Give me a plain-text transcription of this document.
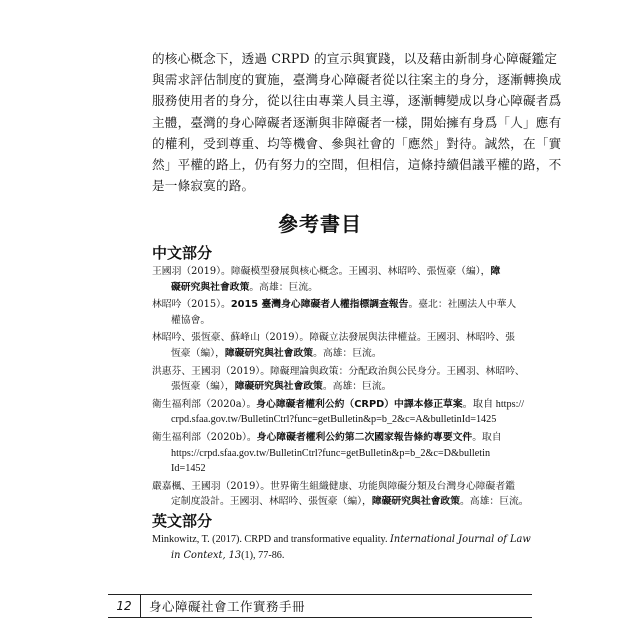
的核心概念下，透過 CRPD 的宣示與實踐，以及藉由新制身心障礙鑑定

與需求評估制度的實施，臺灣身心障礙者從以往案主的身分，逐漸轉換成

服務使用者的身分，從以往由專業人員主導，逐漸轉變成以身心障礙者爲

主體，臺灣的身心障礙者逐漸與非障礙者一樣，開始擁有身爲「人」應有

的權利，受到尊重、均等機會、參與社會的「應然」對待。誠然，在「實

然」平權的路上，仍有努力的空間，但相信，這條持續倡議平權的路，不

是一條寂寞的路。

參考書目
中文部分
王國羽（2019）。障礙模型發展與核心概念。王國羽、林昭吟、張恆豪（編），障
礙研究與社會政策。高雄：巨流。
林昭吟（2015）。2015 臺灣身心障礙者人權指標調查報告。臺北：社團法人中華人
權協會。
林昭吟、張恆豪、蘇峰山（2019）。障礙立法發展與法律權益。王國羽、林昭吟、張
恆豪（編），障礙研究與社會政策。高雄：巨流。
洪惠芬、王國羽（2019）。障礙理論與政策：分配政治與公民身分。王國羽、林昭吟、
張恆豪（編），障礙研究與社會政策。高雄：巨流。
衛生福利部（2020a）。身心障礙者權利公約（CRPD）中譯本修正草案。取自 https://
crpd.sfaa.gov.tw/BulletinCtrl?func=getBulletin&p=b_2&c=A&bulletinId=1425
衛生福利部（2020b）。身心障礙者權利公約第二次國家報告條約專要文件。取自
https://crpd.sfaa.gov.tw/BulletinCtrl?func=getBulletin&p=b_2&c=D&bulletin
Id=1452
嚴嘉楓、王國羽（2019）。世界衛生組織健康、功能與障礙分類及台灣身心障礙者鑑
定制度設計。王國羽、林昭吟、張恆豪（編），障礙研究與社會政策。高雄：巨流。
英文部分
Minkowitz, T. (2017). CRPD and transformative equality. International Journal of Law
in Context, 13(1), 77-86.
12	身心障礙社會工作實務手冊
